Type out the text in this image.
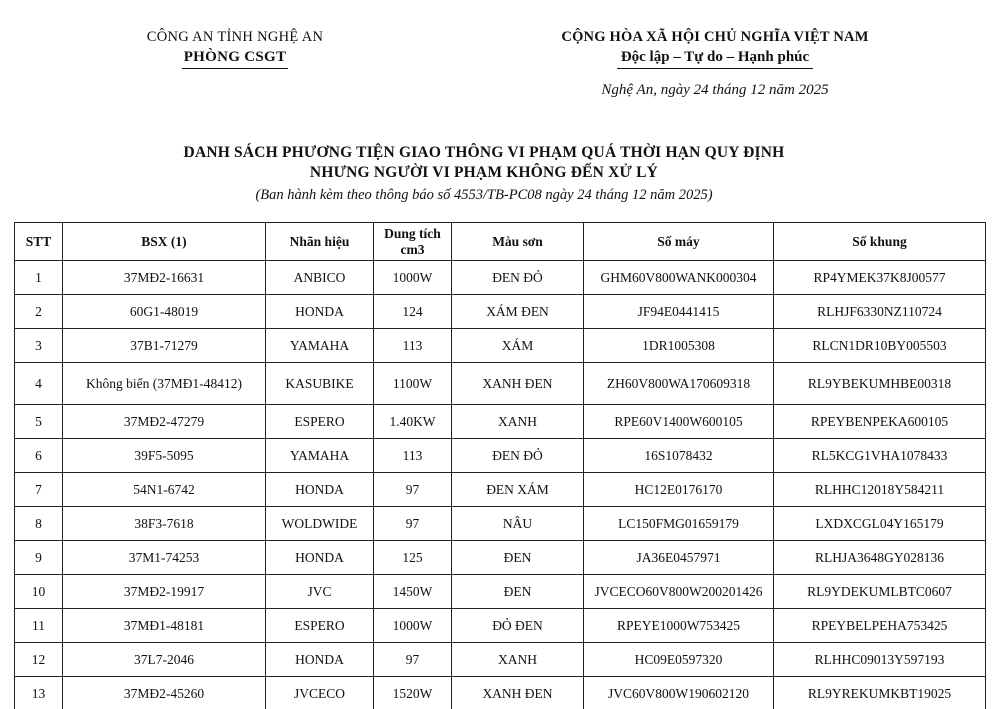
CÔNG AN TỈNH NGHỆ AN
PHÒNG CSGT
CỘNG HÒA XÃ HỘI CHỦ NGHĨA VIỆT NAM
Độc lập – Tự do – Hạnh phúc
Nghệ An, ngày 24 tháng 12 năm 2025
DANH SÁCH PHƯƠNG TIỆN GIAO THÔNG VI PHẠM QUÁ THỜI HẠN QUY ĐỊNH
NHƯNG NGƯỜI VI PHẠM KHÔNG ĐẾN XỬ LÝ
(Ban hành kèm theo thông báo số 4553/TB-PC08 ngày 24 tháng 12 năm 2025)
STT	BSX (1)	Nhãn hiệu	Dung tích cm3	Màu sơn	Số máy	Số khung
1	37MĐ2-16631	ANBICO	1000W	ĐEN ĐỎ	GHM60V800WANK000304	RP4YMEK37K8J00577
2	60G1-48019	HONDA	124	XÁM ĐEN	JF94E0441415	RLHJF6330NZ110724
3	37B1-71279	YAMAHA	113	XÁM	1DR1005308	RLCN1DR10BY005503
4	Không biển (37MĐ1-48412)	KASUBIKE	1100W	XANH ĐEN	ZH60V800WA170609318	RL9YBEKUMHBE00318
5	37MĐ2-47279	ESPERO	1.40KW	XANH	RPE60V1400W600105	RPEYBENPEKA600105
6	39F5-5095	YAMAHA	113	ĐEN ĐỎ	16S1078432	RL5KCG1VHA1078433
7	54N1-6742	HONDA	97	ĐEN XÁM	HC12E0176170	RLHHC12018Y584211
8	38F3-7618	WOLDWIDE	97	NÂU	LC150FMG01659179	LXDXCGL04Y165179
9	37M1-74253	HONDA	125	ĐEN	JA36E0457971	RLHJA3648GY028136
10	37MĐ2-19917	JVC	1450W	ĐEN	JVCECO60V800W200201426	RL9YDEKUMLBTC0607
11	37MĐ1-48181	ESPERO	1000W	ĐỎ ĐEN	RPEYE1000W753425	RPEYBELPEHA753425
12	37L7-2046	HONDA	97	XANH	HC09E0597320	RLHHC09013Y597193
13	37MĐ2-45260	JVCECO	1520W	XANH ĐEN	JVC60V800W190602120	RL9YREKUMKBT19025
